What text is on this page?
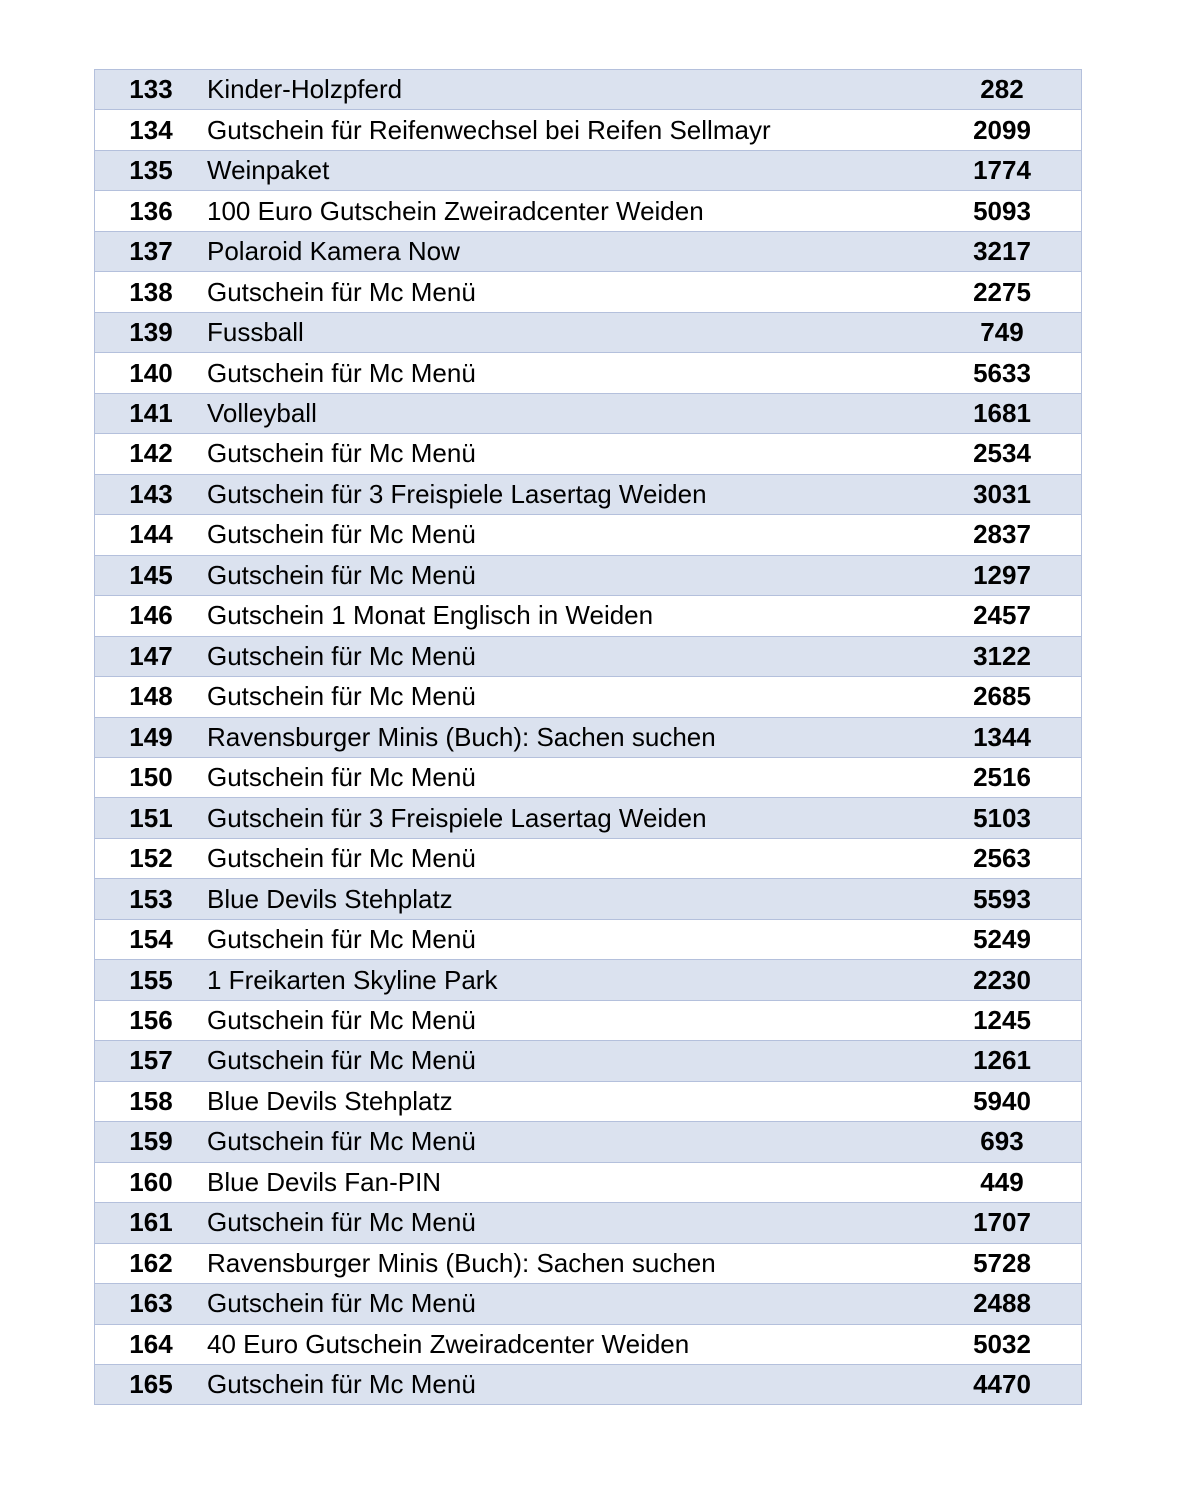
133	Kinder-Holzpferd	282
134	Gutschein für Reifenwechsel bei Reifen Sellmayr	2099
135	Weinpaket	1774
136	100 Euro Gutschein Zweiradcenter Weiden	5093
137	Polaroid Kamera Now	3217
138	Gutschein für Mc Menü	2275
139	Fussball	749
140	Gutschein für Mc Menü	5633
141	Volleyball	1681
142	Gutschein für Mc Menü	2534
143	Gutschein für 3 Freispiele Lasertag Weiden	3031
144	Gutschein für Mc Menü	2837
145	Gutschein für Mc Menü	1297
146	Gutschein 1 Monat Englisch in Weiden	2457
147	Gutschein für Mc Menü	3122
148	Gutschein für Mc Menü	2685
149	Ravensburger Minis (Buch): Sachen suchen	1344
150	Gutschein für Mc Menü	2516
151	Gutschein für 3 Freispiele Lasertag Weiden	5103
152	Gutschein für Mc Menü	2563
153	Blue Devils Stehplatz	5593
154	Gutschein für Mc Menü	5249
155	1 Freikarten Skyline Park	2230
156	Gutschein für Mc Menü	1245
157	Gutschein für Mc Menü	1261
158	Blue Devils Stehplatz	5940
159	Gutschein für Mc Menü	693
160	Blue Devils Fan-PIN	449
161	Gutschein für Mc Menü	1707
162	Ravensburger Minis (Buch): Sachen suchen	5728
163	Gutschein für Mc Menü	2488
164	40 Euro Gutschein Zweiradcenter Weiden	5032
165	Gutschein für Mc Menü	4470
